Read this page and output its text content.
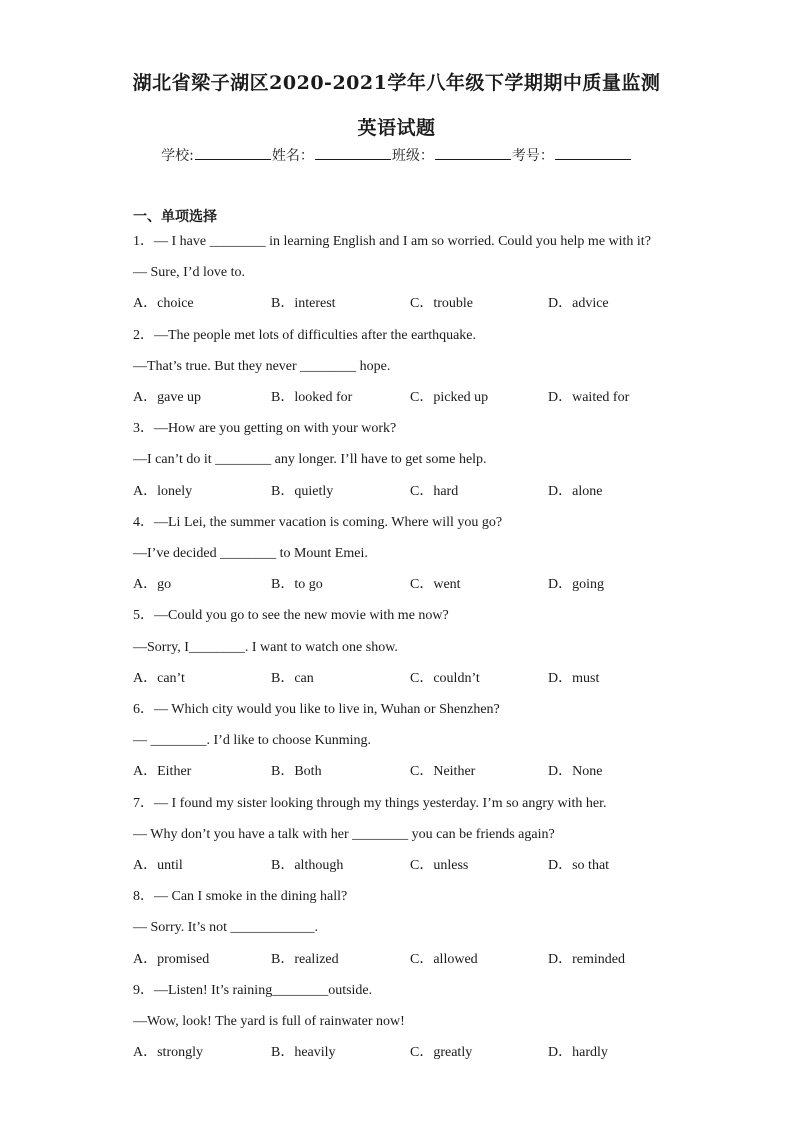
湖北省梁子湖区2020-2021学年八年级下学期期中质量监测
英语试题
学校:	姓名：	班级：	考号：
一、单项选择
1．— I have ________ in learning English and I am so worried. Could you help me with it?
— Sure, I’d love to.
A．choice	B．interest	C．trouble	D．advice
2．—The people met lots of difficulties after the earthquake.
—That’s true. But they never ________ hope.
A．gave up	B．looked for	C．picked up	D．waited for
3．—How are you getting on with your work?
—I can’t do it ________ any longer. I’ll have to get some help.
A．lonely	B．quietly	C．hard	D．alone
4．—Li Lei, the summer vacation is coming. Where will you go?
—I’ve decided ________ to Mount Emei.
A．go	B．to go	C．went	D．going
5．—Could you go to see the new movie with me now?
—Sorry, I________. I want to watch one show.
A．can’t	B．can	C．couldn’t	D．must
6．— Which city would you like to live in, Wuhan or Shenzhen?
— ________. I’d like to choose Kunming.
A．Either	B．Both	C．Neither	D．None
7．— I found my sister looking through my things yesterday. I’m so angry with her.
— Why don’t you have a talk with her ________ you can be friends again?
A．until	B．although	C．unless	D．so that
8．— Can I smoke in the dining hall?
— Sorry. It’s not ____________.
A．promised	B．realized	C．allowed	D．reminded
9．—Listen! It’s raining________outside.
—Wow, look! The yard is full of rainwater now!
A．strongly	B．heavily	C．greatly	D．hardly
